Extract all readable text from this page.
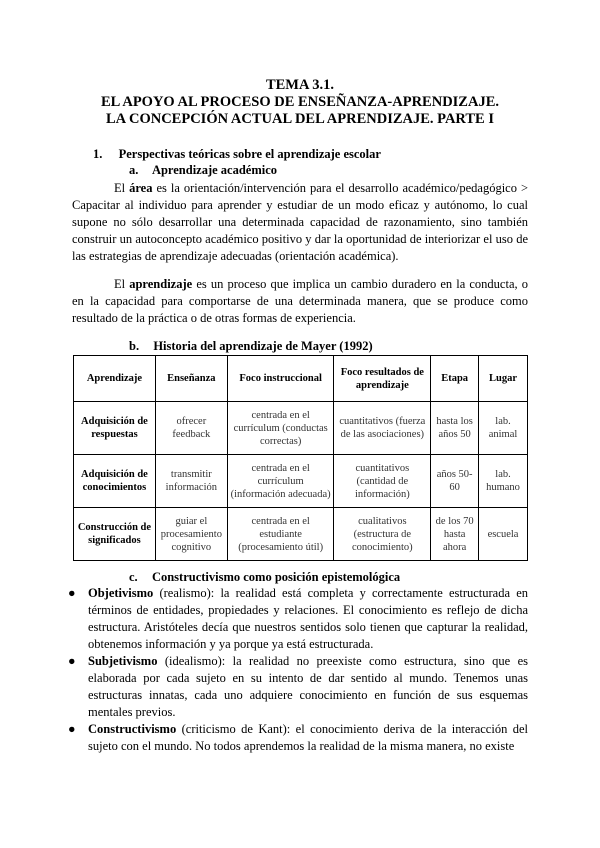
TEMA 3.1.
EL APOYO AL PROCESO DE ENSEÑANZA-APRENDIZAJE.
LA CONCEPCIÓN ACTUAL DEL APRENDIZAJE. PARTE I
1. Perspectivas teóricas sobre el aprendizaje escolar
a. Aprendizaje académico
El área es la orientación/intervención para el desarrollo académico/pedagógico > Capacitar al individuo para aprender y estudiar de un modo eficaz y autónomo, lo cual supone no sólo desarrollar una determinada capacidad de razonamiento, sino también construir un autoconcepto académico positivo y dar la oportunidad de interiorizar el uso de las estrategias de aprendizaje adecuadas (orientación académica).
El aprendizaje es un proceso que implica un cambio duradero en la conducta, o en la capacidad para comportarse de una determinada manera, que se produce como resultado de la práctica o de otras formas de experiencia.
b. Historia del aprendizaje de Mayer (1992)
Aprendizaje	Enseñanza	Foco instruccional	Foco resultados de aprendizaje	Etapa	Lugar
Adquisición de respuestas	ofrecer feedback	centrada en el currículum (conductas correctas)	cuantitativos (fuerza de las asociaciones)	hasta los años 50	lab. animal
Adquisición de conocimientos	transmitir información	centrada en el currículum (información adecuada)	cuantitativos (cantidad de información)	años 50-60	lab. humano
Construcción de significados	guiar el procesamiento cognitivo	centrada en el estudiante (procesamiento útil)	cualitativos (estructura de conocimiento)	de los 70 hasta ahora	escuela
c. Constructivismo como posición epistemológica
● Objetivismo (realismo): la realidad está completa y correctamente estructurada en términos de entidades, propiedades y relaciones. El conocimiento es reflejo de dicha estructura. Aristóteles decía que nuestros sentidos solo tienen que capturar la realidad, obtenemos información y ya porque ya está estructurada.
● Subjetivismo (idealismo): la realidad no preexiste como estructura, sino que es elaborada por cada sujeto en su intento de dar sentido al mundo. Tenemos unas estructuras innatas, cada uno adquiere conocimiento en función de sus esquemas mentales previos.
● Constructivismo (criticismo de Kant): el conocimiento deriva de la interacción del sujeto con el mundo. No todos aprendemos la realidad de la misma manera, no existe
